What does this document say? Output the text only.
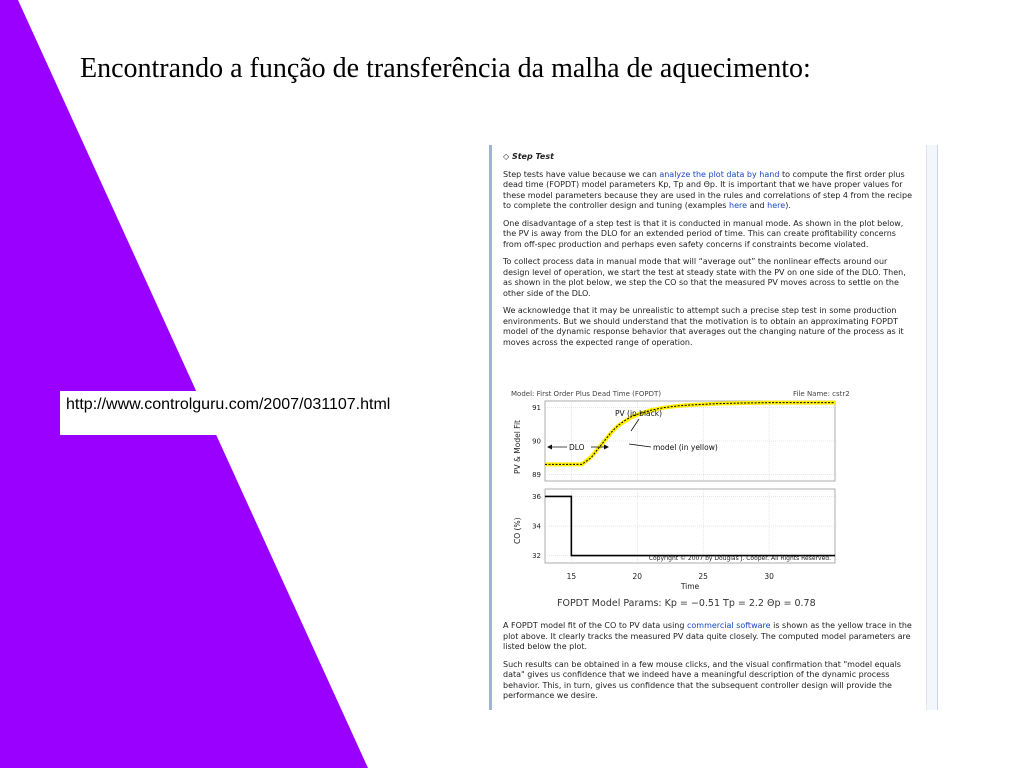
Encontrando a função de transferência da malha de aquecimento:
http://www.controlguru.com/2007/031107.html

◇ Step Test

Step tests have value because we can analyze the plot data by hand to compute the first order plus dead time (FOPDT) model parameters Kp, Tp and Θp. It is important that we have proper values for these model parameters because they are used in the rules and correlations of step 4 from the recipe to complete the controller design and tuning (examples here and here).

One disadvantage of a step test is that it is conducted in manual mode. As shown in the plot below, the PV is away from the DLO for an extended period of time. This can create profitability concerns from off-spec production and perhaps even safety concerns if constraints become violated.

To collect process data in manual mode that will “average out” the nonlinear effects around our design level of operation, we start the test at steady state with the PV on one side of the DLO. Then, as shown in the plot below, we step the CO so that the measured PV moves across to settle on the other side of the DLO.

We acknowledge that it may be unrealistic to attempt such a precise step test in some production environments. But we should understand that the motivation is to obtain an approximating FOPDT model of the dynamic response behavior that averages out the changing nature of the process as it moves across the expected range of operation.

Model: First Order Plus Dead Time (FOPDT)	File Name: cstr2
PV & Model Fit
CO (%)
91
90
89
36
34
32
15	20	25	30
Time
Copyright © 2007 by Douglas J. Cooper. All Rights Reserved.
PV (in black)
DLO	model (in yellow)
FOPDT Model Params: Kp = −0.51 Tp = 2.2 Θp = 0.78

A FOPDT model fit of the CO to PV data using commercial software is shown as the yellow trace in the plot above. It clearly tracks the measured PV data quite closely. The computed model parameters are listed below the plot.

Such results can be obtained in a few mouse clicks, and the visual confirmation that "model equals data" gives us confidence that we indeed have a meaningful description of the dynamic process behavior. This, in turn, gives us confidence that the subsequent controller design will provide the performance we desire.
